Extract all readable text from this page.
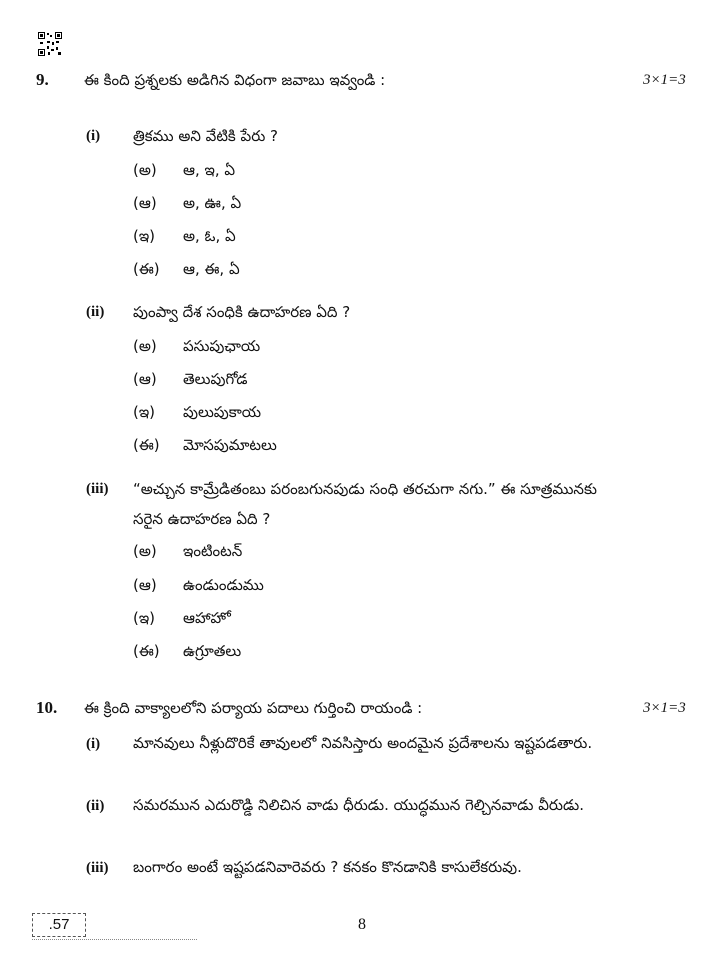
9. ఈ కింది ప్రశ్నలకు అడిగిన విధంగా జవాబు ఇవ్వండి :	3×1=3
(i) త్రికము అని వేటికి పేరు ?
(అ) ఆ, ఇ, ఏ
(ఆ) అ, ఊ, ఏ
(ఇ) అ, ఓ, ఏ
(ఈ) ఆ, ఈ, ఏ
(ii) పుంప్వా దేశ సంధికి ఉదాహరణ ఏది ?
(అ) పసుపుఛాయ
(ఆ) తెలుపుగోడ
(ఇ) పులుపుకాయ
(ఈ) మోసపుమాటలు
(iii) “అచ్చున కామ్రేడితంబు పరంబగునపుడు సంధి తరచుగా నగు.” ఈ సూత్రమునకు సరైన ఉదాహరణ ఏది ?
(అ) ఇంటింటన్
(ఆ) ఉండుండుము
(ఇ) ఆహాహో
(ఈ) ఉగ్రూతలు
10. ఈ క్రింది వాక్యాలలోని పర్యాయ పదాలు గుర్తించి రాయండి :	3×1=3
(i) మానవులు నీళ్లుదొరికే తావులలో నివసిస్తారు అందమైన ప్రదేశాలను ఇష్టపడతారు.
(ii) సమరమున ఎదురొడ్డి నిలిచిన వాడు ధీరుడు. యుద్ధమున గెల్చినవాడు వీరుడు.
(iii) బంగారం అంటే ఇష్టపడనివారెవరు ? కనకం కొనడానికి కాసులేకరువు.
.57	8
